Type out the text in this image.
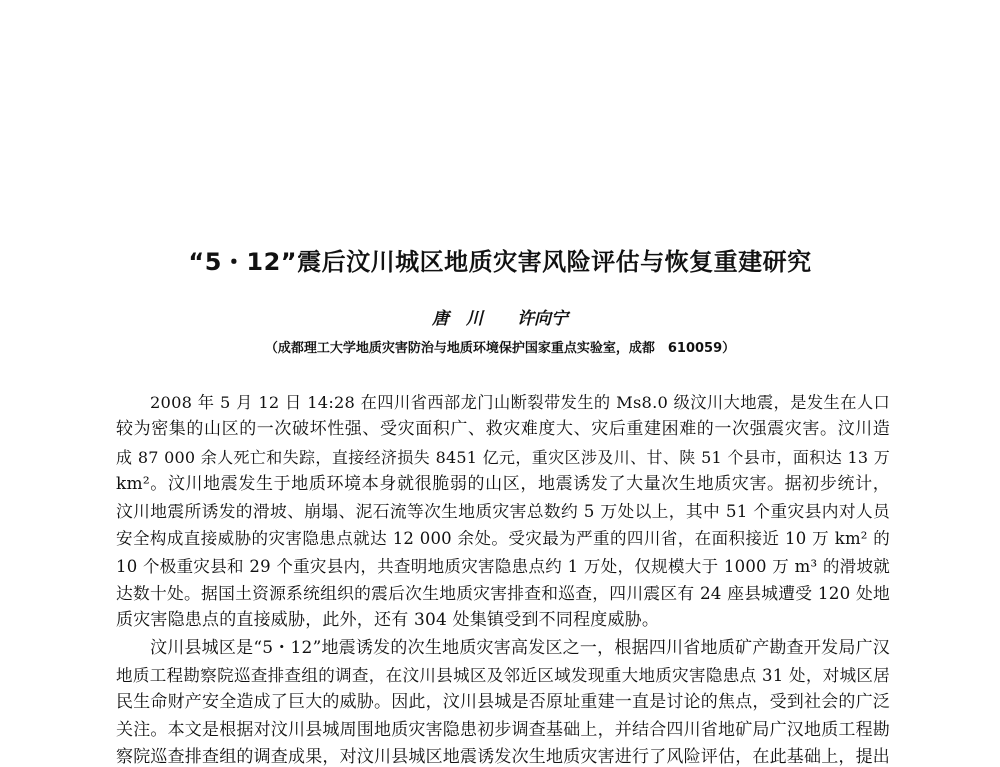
“5・12”震后汶川城区地质灾害风险评估与恢复重建研究
唐　川 许向宁
（成都理工大学地质灾害防治与地质环境保护国家重点实验室，成都　610059）
2008 年 5 月 12 日 14:28 在四川省西部龙门山断裂带发生的 Ms8.0 级汶川大地震，是发生在人口
较为密集的山区的一次破坏性强、受灾面积广、救灾难度大、灾后重建困难的一次强震灾害。汶川造
成 87 000 余人死亡和失踪，直接经济损失 8451 亿元，重灾区涉及川、甘、陕 51 个县市，面积达 13 万
km²。汶川地震发生于地质环境本身就很脆弱的山区，地震诱发了大量次生地质灾害。据初步统计，
汶川地震所诱发的滑坡、崩塌、泥石流等次生地质灾害总数约 5 万处以上，其中 51 个重灾县内对人员
安全构成直接威胁的灾害隐患点就达 12 000 余处。受灾最为严重的四川省，在面积接近 10 万 km² 的
10 个极重灾县和 29 个重灾县内，共查明地质灾害隐患点约 1 万处，仅规模大于 1000 万 m³ 的滑坡就
达数十处。据国土资源系统组织的震后次生地质灾害排查和巡查，四川震区有 24 座县城遭受 120 处地
质灾害隐患点的直接威胁，此外，还有 304 处集镇受到不同程度威胁。
汶川县城区是“5・12”地震诱发的次生地质灾害高发区之一，根据四川省地质矿产勘查开发局广汉
地质工程勘察院巡查排查组的调查，在汶川县城区及邻近区域发现重大地质灾害隐患点 31 处，对城区居
民生命财产安全造成了巨大的威胁。因此，汶川县城是否原址重建一直是讨论的焦点，受到社会的广泛
关注。本文是根据对汶川县城周围地质灾害隐患初步调查基础上，并结合四川省地矿局广汉地质工程勘
察院巡查排查组的调查成果，对汶川县城区地震诱发次生地质灾害进行了风险评估，在此基础上，提出
